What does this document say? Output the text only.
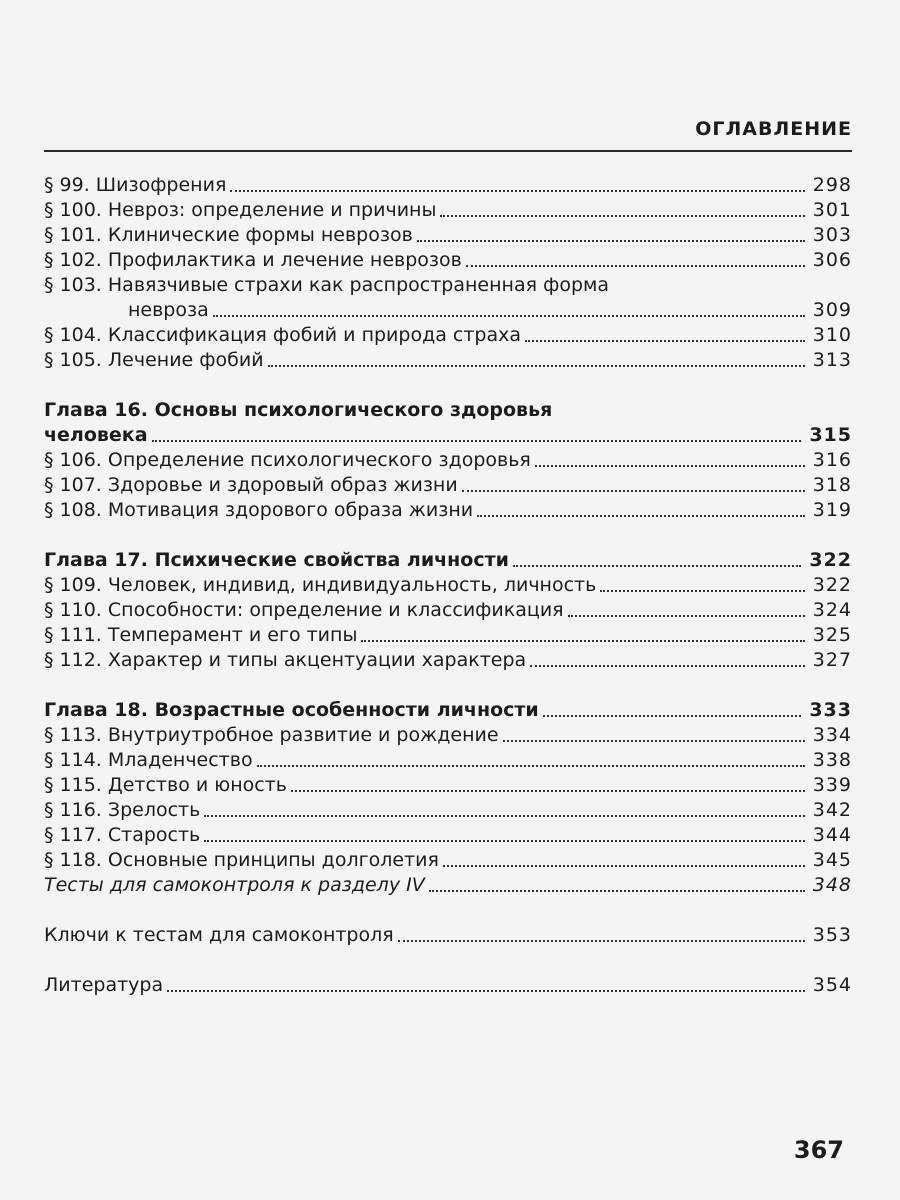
ОГЛАВЛЕНИЕ
§ 99. Шизофрения	298
§ 100. Невроз: определение и причины	301
§ 101. Клинические формы неврозов	303
§ 102. Профилактика и лечение неврозов	306
§ 103. Навязчивые страхи как распространенная форма
невроза	309
§ 104. Классификация фобий и природа страха	310
§ 105. Лечение фобий	313
Глава 16. Основы психологического здоровья
человека	315
§ 106. Определение психологического здоровья	316
§ 107. Здоровье и здоровый образ жизни	318
§ 108. Мотивация здорового образа жизни	319
Глава 17. Психические свойства личности	322
§ 109. Человек, индивид, индивидуальность, личность	322
§ 110. Способности: определение и классификация	324
§ 111. Темперамент и его типы	325
§ 112. Характер и типы акцентуации характера	327
Глава 18. Возрастные особенности личности	333
§ 113. Внутриутробное развитие и рождение	334
§ 114. Младенчество	338
§ 115. Детство и юность	339
§ 116. Зрелость	342
§ 117. Старость	344
§ 118. Основные принципы долголетия	345
Тесты для самоконтроля к разделу IV	348
Ключи к тестам для самоконтроля	353
Литература	354
367
